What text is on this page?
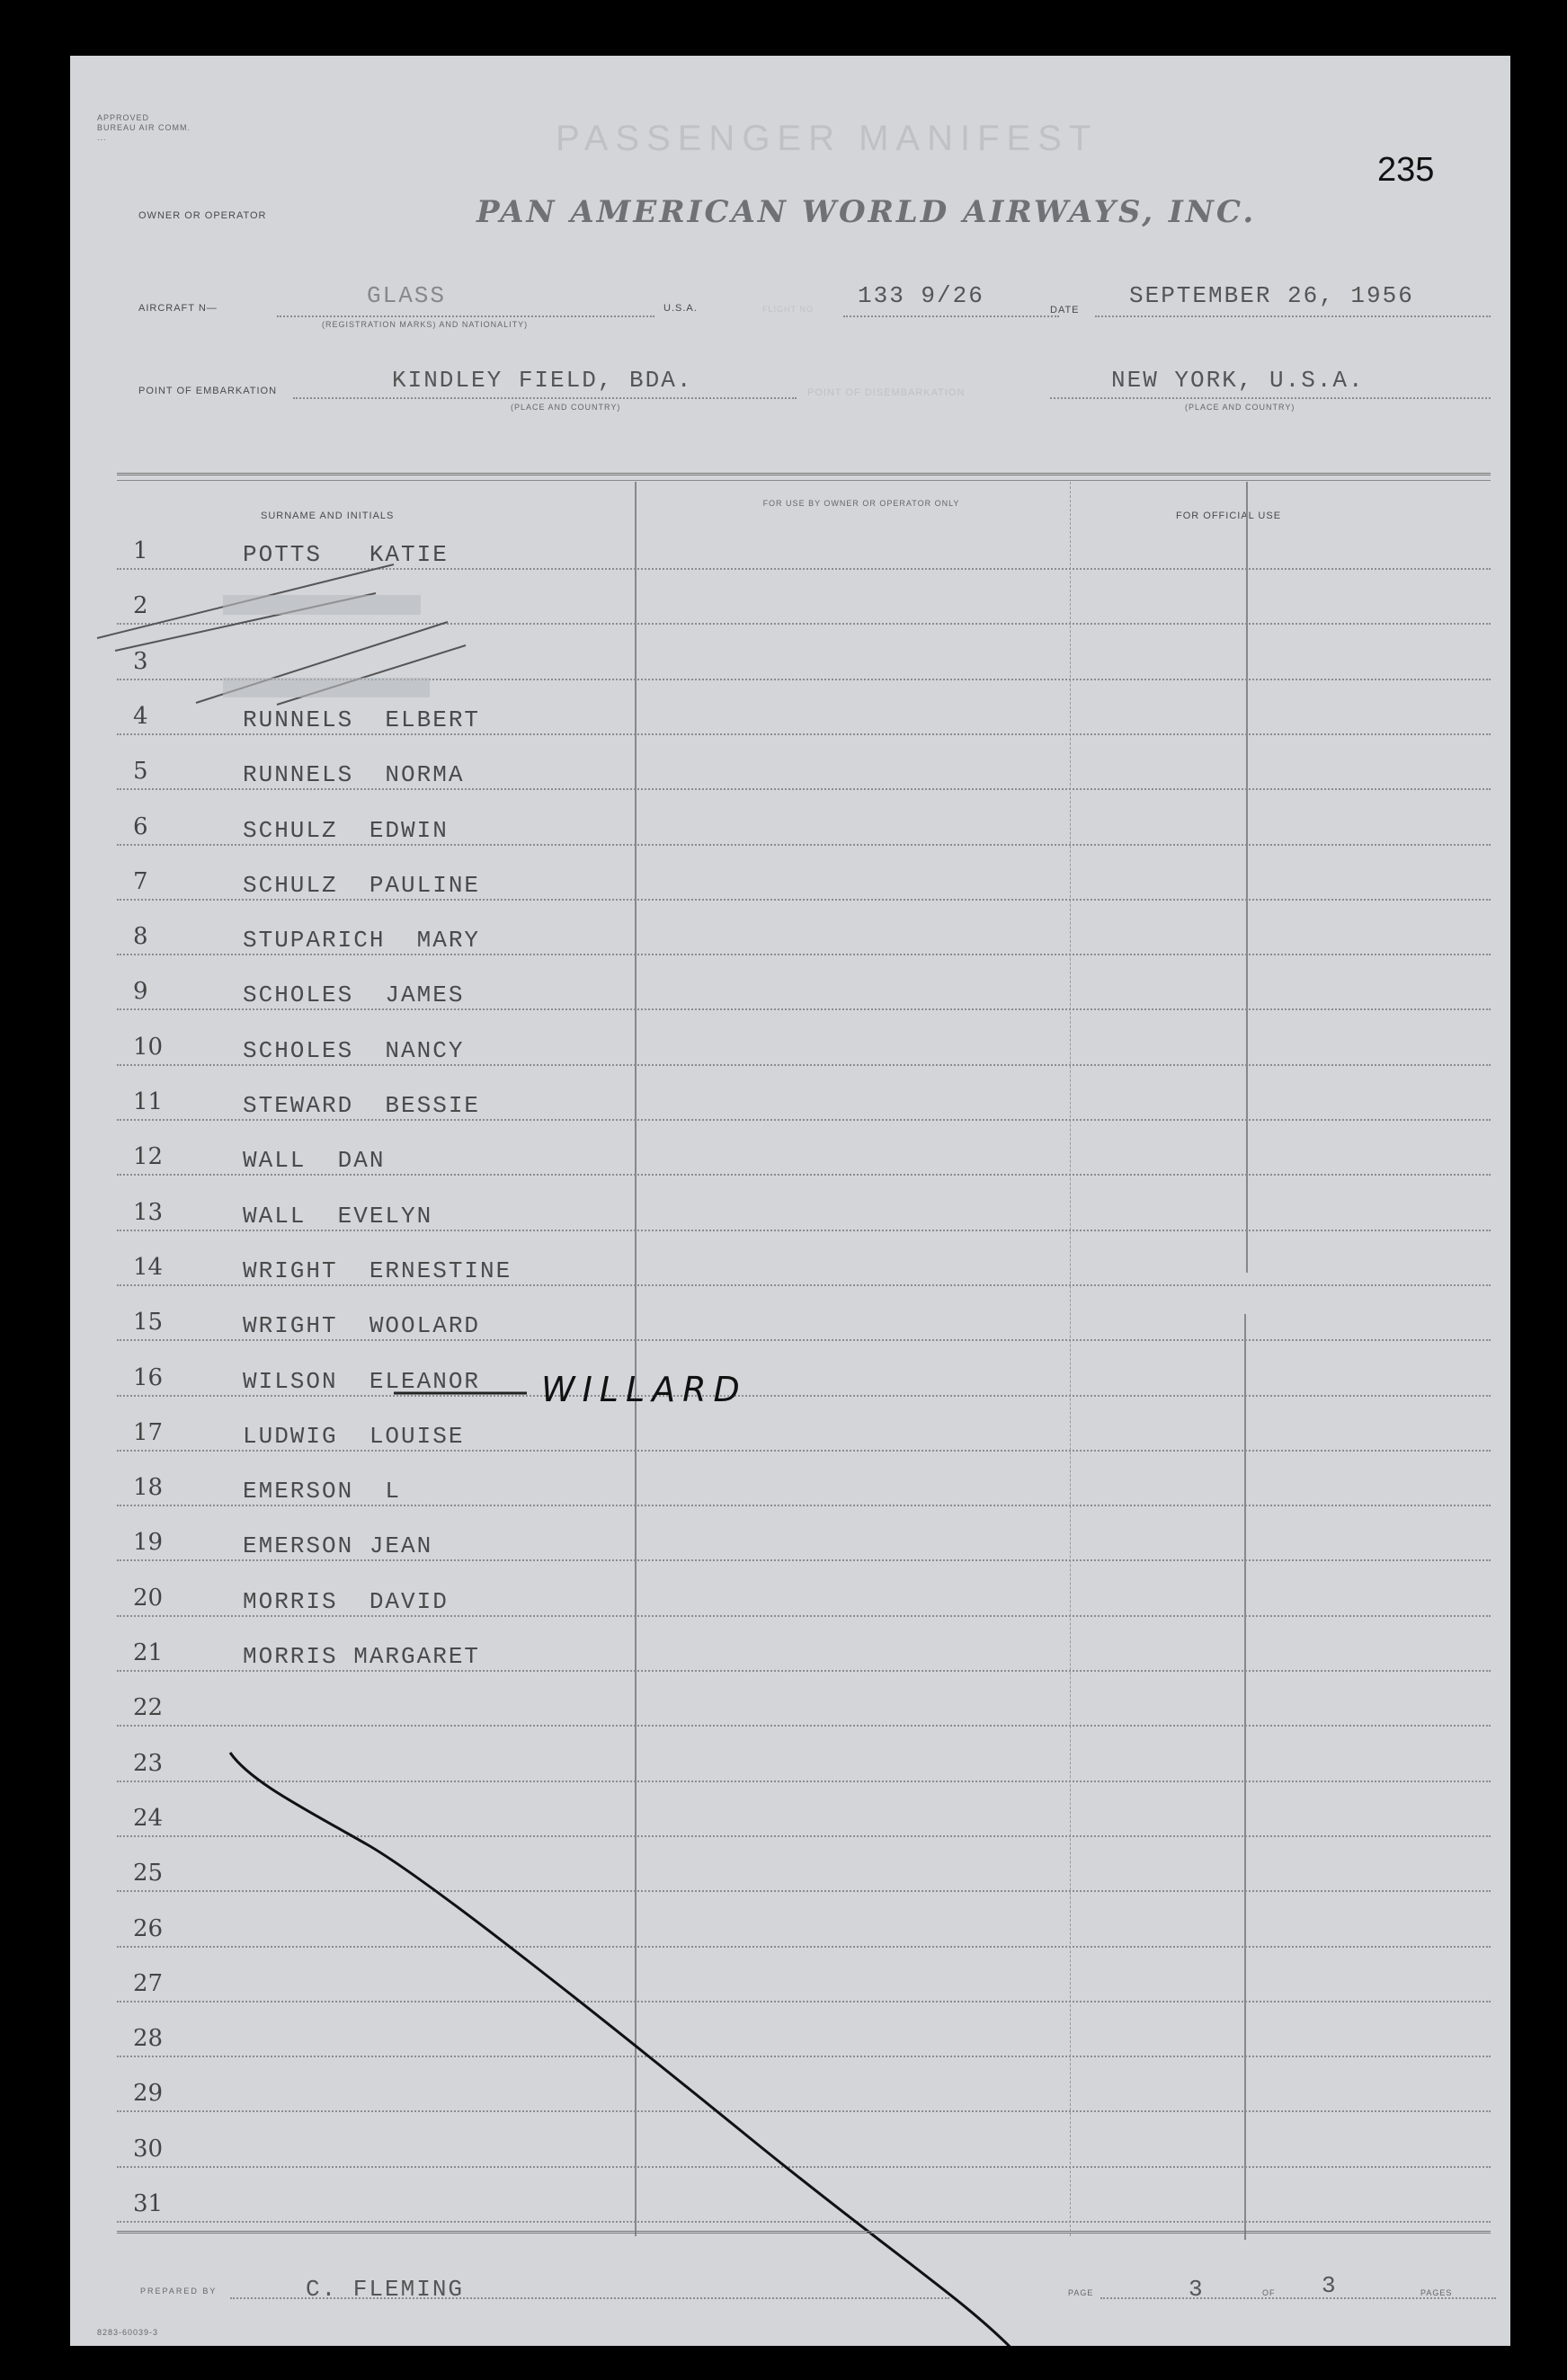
APPROVED
BUREAU AIR COMM.
...	PASSENGER MANIFEST
235
OWNER OR OPERATOR	PAN AMERICAN WORLD AIRWAYS, INC.
AIRCRAFT N—	GLASS
(REGISTRATION MARKS) AND NATIONALITY)
U.S.A.	FLIGHT NO 133 9/26
DATE
SEPTEMBER 26, 1956
POINT OF EMBARKATION	KINDLEY FIELD, BDA.
(PLACE AND COUNTRY)
POINT OF DISEMBARKATION	NEW YORK, U.S.A.
(PLACE AND COUNTRY)
SURNAME AND INITIALS
FOR USE BY OWNER OR OPERATOR ONLY
FOR OFFICIAL USE
1	POTTS   KATIE
2
3
4	RUNNELS  ELBERT
5	RUNNELS  NORMA
6	SCHULZ  EDWIN
7	SCHULZ  PAULINE
8	STUPARICH  MARY
9	SCHOLES  JAMES
10	SCHOLES  NANCY
11	STEWARD  BESSIE
12	WALL  DAN
13	WALL  EVELYN
14	WRIGHT  ERNESTINE
15	WRIGHT  WOOLARD
16	WILSON  ELEANOR
17	LUDWIG  LOUISE
18	EMERSON  L
19	EMERSON JEAN
20	MORRIS  DAVID
21	MORRIS MARGARET
22
23
24
25
26
27
28
29
30
31
WILLARD
PREPARED BY	C. FLEMING	PAGE	3	OF 3	PAGES
8283-60039-3
